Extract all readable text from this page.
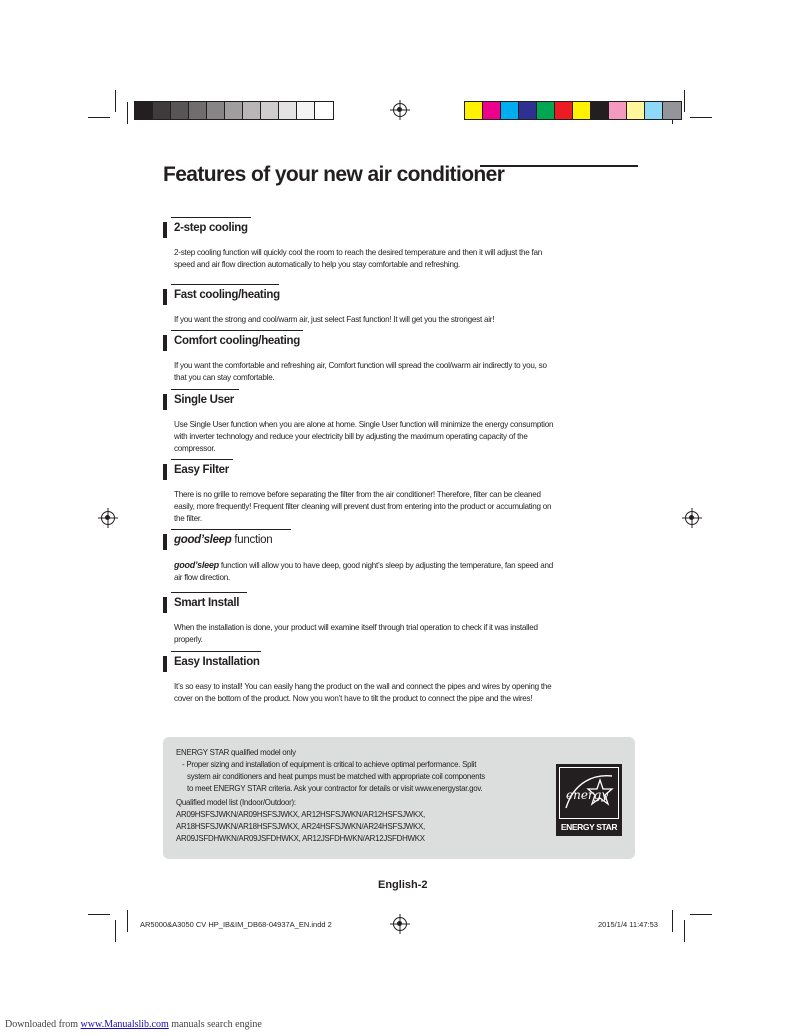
Features of your new air conditioner
2-step cooling
2-step cooling function will quickly cool the room to reach the desired temperature and then it will adjust the fan speed and air flow direction automatically to help you stay comfortable and refreshing.
Fast cooling/heating
If you want the strong and cool/warm air, just select Fast function! It will get you the strongest air!
Comfort cooling/heating
If you want the comfortable and refreshing air, Comfort function will spread the cool/warm air indirectly to you, so that you can stay comfortable.
Single User
Use Single User function when you are alone at home. Single User function will minimize the energy consumption with inverter technology and reduce your electricity bill by adjusting the maximum operating capacity of the compressor.
Easy Filter
There is no grille to remove before separating the filter from the air conditioner! Therefore, filter can be cleaned easily, more frequently! Frequent filter cleaning will prevent dust from entering into the product or accumulating on the filter.
good’sleep function
good’sleep function will allow you to have deep, good night’s sleep by adjusting the temperature, fan speed and air flow direction.
Smart Install
When the installation is done, your product will examine itself through trial operation to check if it was installed properly.
Easy Installation
It’s so easy to install! You can easily hang the product on the wall and connect the pipes and wires by opening the cover on the bottom of the product. Now you won’t have to tilt the product to connect the pipe and the wires!
ENERGY STAR qualified model only
- Proper sizing and installation of equipment is critical to achieve optimal performance. Split
system air conditioners and heat pumps must be matched with appropriate coil components
to meet ENERGY STAR criteria. Ask your contractor for details or visit www.energystar.gov.
Qualified model list (Indoor/Outdoor):
AR09HSFSJWKN/AR09HSFSJWKX, AR12HSFSJWKN/AR12HSFSJWKX,
AR18HSFSJWKN/AR18HSFSJWKX, AR24HSFSJWKN/AR24HSFSJWKX,
AR09JSFDHWKN/AR09JSFDHWKX, AR12JSFDHWKN/AR12JSFDHWKX
energy
ENERGY STAR
English-2
AR5000&A3050 CV HP_IB&IM_DB68-04937A_EN.indd 2	2015/1/4 11:47:53
Downloaded from www.Manualslib.com manuals search engine
